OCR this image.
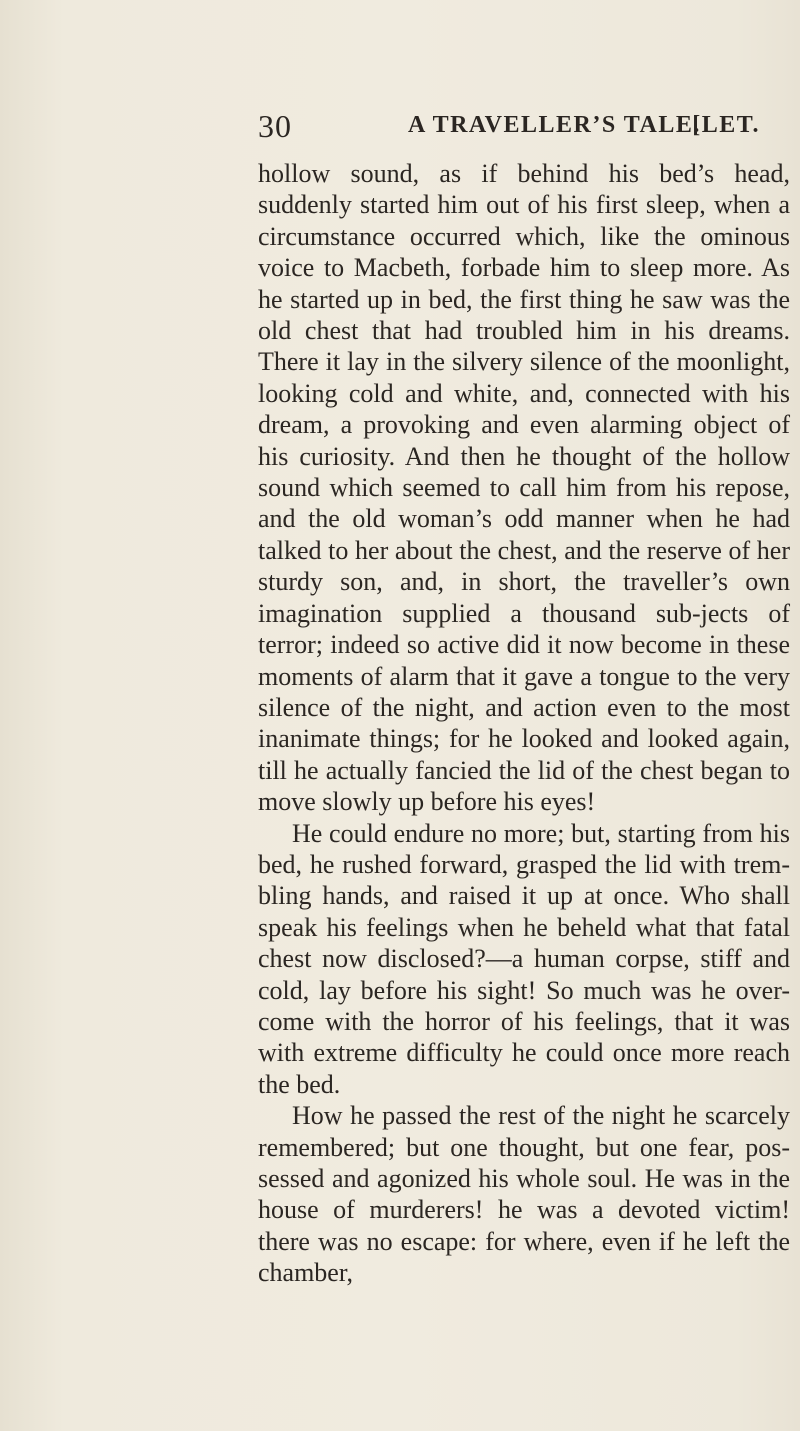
30	A TRAVELLER’S TALE.
[LET.

hollow sound, as if behind his bed’s head, suddenly started him out of his first sleep, when a circumstance occurred which, like the ominous voice to Macbeth, forbade him to sleep more. As he started up in bed, the first thing he saw was the old chest that had troubled him in his dreams. There it lay in the silvery silence of the moonlight, looking cold and white, and, connected with his dream, a provoking and even alarming object of his curiosity. And then he thought of the hollow sound which seemed to call him from his repose, and the old woman’s odd manner when he had talked to her about the chest, and the reserve of her sturdy son, and, in short, the traveller’s own imagination supplied a thousand sub-jects of terror; indeed so active did it now become in these moments of alarm that it gave a tongue to the very silence of the night, and action even to the most inanimate things; for he looked and looked again, till he actually fancied the lid of the chest began to move slowly up before his eyes!

He could endure no more; but, starting from his bed, he rushed forward, grasped the lid with trem-bling hands, and raised it up at once. Who shall speak his feelings when he beheld what that fatal chest now disclosed?—a human corpse, stiff and cold, lay before his sight! So much was he over-come with the horror of his feelings, that it was with extreme difficulty he could once more reach the bed.

How he passed the rest of the night he scarcely remembered; but one thought, but one fear, pos-sessed and agonized his whole soul. He was in the house of murderers! he was a devoted victim! there was no escape: for where, even if he left the chamber,
